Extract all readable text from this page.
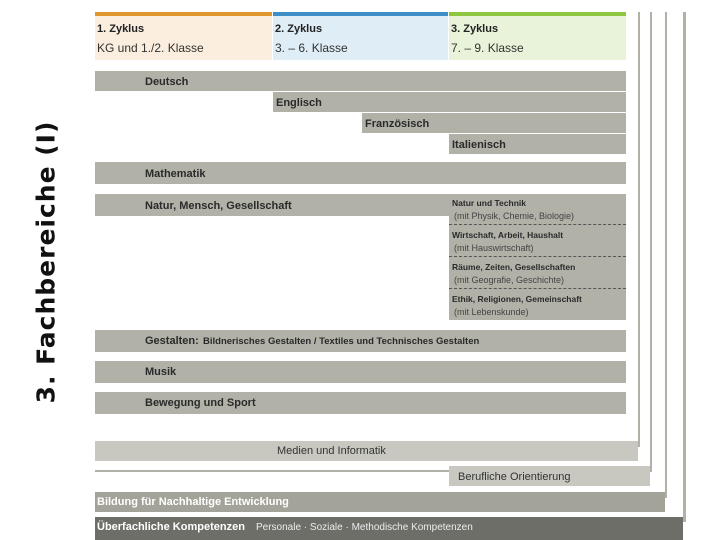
3. Fachbereiche (I)
1. Zyklus
KG und 1./2. Klasse
2. Zyklus
3. – 6. Klasse
3. Zyklus
7. – 9. Klasse
Deutsch
Englisch
Französisch
Italienisch
Mathematik
Natur, Mensch, Gesellschaft	Natur und Technik
(mit Physik, Chemie, Biologie)
Wirtschaft, Arbeit, Haushalt
(mit Hauswirtschaft)
Räume, Zeiten, Gesellschaften
(mit Geografie, Geschichte)
Ethik, Religionen, Gemeinschaft
(mit Lebenskunde)
Gestalten: Bildnerisches Gestalten / Textiles und Technisches Gestalten
Musik
Bewegung und Sport
Medien und Informatik
Berufliche Orientierung
Bildung für Nachhaltige Entwicklung
Überfachliche Kompetenzen Personale · Soziale · Methodische Kompetenzen
